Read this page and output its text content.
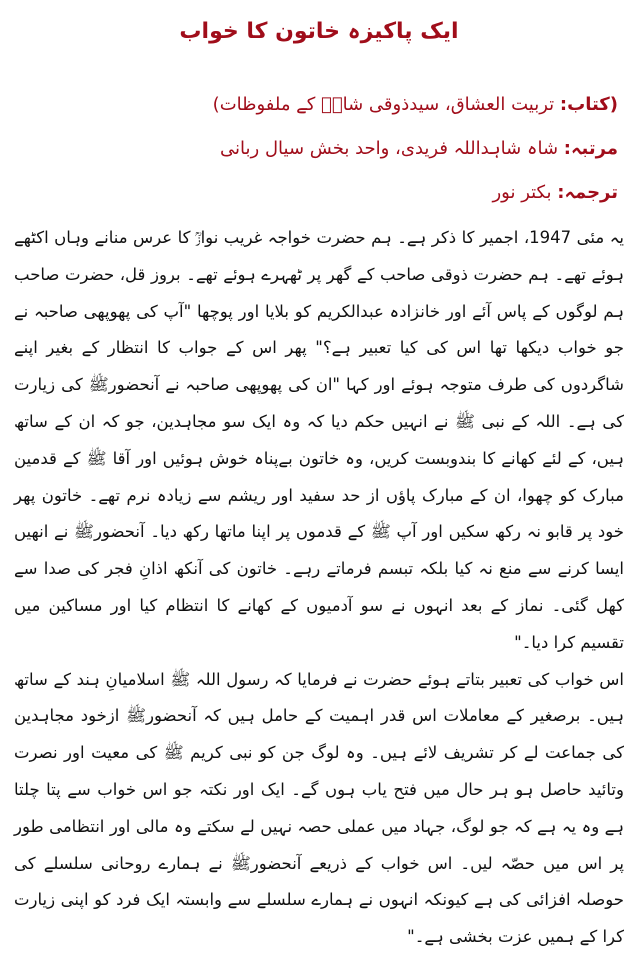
ایک پاکیزہ خاتون کا خواب
(کتاب: تربیت العشاق، سیدذوقی شاہؒ کے ملفوظات)
مرتبہ: شاہ شاہداللہ فریدی، واحد بخش سیال ربانی
ترجمہ: بکتر نور

یہ مئی 1947، اجمیر کا ذکر ہے۔ ہم حضرت خواجہ غریب نوازؒ کا عرس منانے وہاں اکٹھے ہوئے تھے۔ ہم حضرت ذوقی صاحب کے گھر پر ٹھہرے ہوئے تھے۔ بروز قل، حضرت صاحب ہم لوگوں کے پاس آئے اور خانزادہ عبدالکریم کو بلایا اور پوچھا "آپ کی پھوپھی صاحبہ نے جو خواب دیکھا تھا اس کی کیا تعبیر ہے؟" پھر اس کے جواب کا انتظار کے بغیر اپنے شاگردوں کی طرف متوجہ ہوئے اور کہا "ان کی پھوپھی صاحبہ نے آنحضورﷺ کی زیارت کی ہے۔ اللہ کے نبی ﷺ نے انہیں حکم دیا کہ وہ ایک سو مجاہدین، جو کہ ان کے ساتھ ہیں، کے لئے کھانے کا بندوبست کریں، وہ خاتون بےپناہ خوش ہوئیں اور آقا ﷺ کے قدمین مبارک کو چھوا، ان کے مبارک پاؤں از حد سفید اور ریشم سے زیادہ نرم تھے۔ خاتون پھر خود پر قابو نہ رکھ سکیں اور آپ ﷺ کے قدموں پر اپنا ماتھا رکھ دیا۔ آنحضورﷺ نے انھیں ایسا کرنے سے منع نہ کیا بلکہ تبسم فرماتے رہے۔ خاتون کی آنکھ اذانِ فجر کی صدا سے کھل گئی۔ نماز کے بعد انہوں نے سو آدمیوں کے کھانے کا انتظام کیا اور مساکین میں تقسیم کرا دیا۔"

اس خواب کی تعبیر بتاتے ہوئے حضرت نے فرمایا کہ رسول اللہ ﷺ اسلامیانِ ہند کے ساتھ ہیں۔ برصغیر کے معاملات اس قدر اہمیت کے حامل ہیں کہ آنحضورﷺ ازخود مجاہدین کی جماعت لے کر تشریف لائے ہیں۔ وہ لوگ جن کو نبی کریم ﷺ کی معیت اور نصرت وتائید حاصل ہو ہر حال میں فتح یاب ہوں گے۔ ایک اور نکتہ جو اس خواب سے پتا چلتا ہے وہ یہ ہے کہ جو لوگ، جہاد میں عملی حصہ نہیں لے سکتے وہ مالی اور انتظامی طور پر اس میں حصّہ لیں۔ اس خواب کے ذریعے آنحضورﷺ نے ہمارے روحانی سلسلے کی حوصلہ افزائی کی ہے کیونکہ انہوں نے ہمارے سلسلے سے وابستہ ایک فرد کو اپنی زیارت کرا کے ہمیں عزت بخشی ہے۔"
